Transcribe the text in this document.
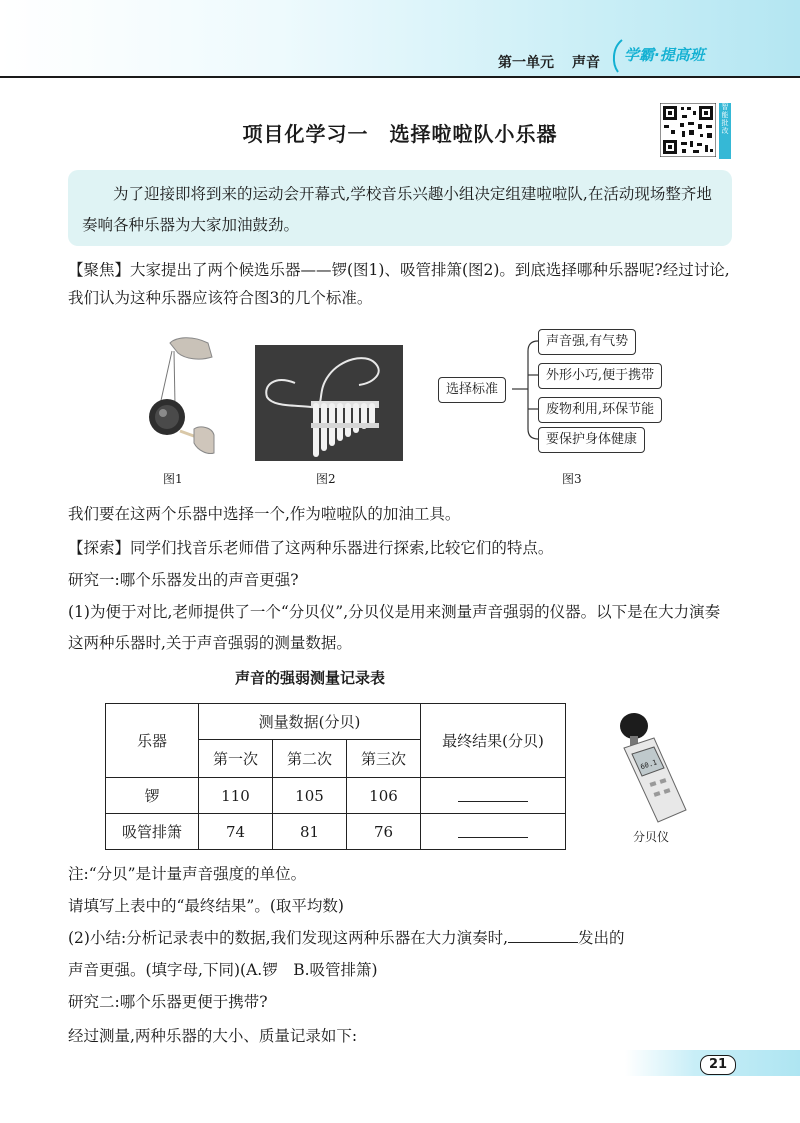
第一单元 声音 学霸·提高班
项目化学习一　选择啦啦队小乐器
智能批改
为了迎接即将到来的运动会开幕式,学校音乐兴趣小组决定组建啦啦队,在活动现场整齐地奏响各种乐器为大家加油鼓劲。
【聚焦】大家提出了两个候选乐器——锣(图1)、吸管排箫(图2)。到底选择哪种乐器呢?经过讨论,我们认为这种乐器应该符合图3的几个标准。
图1	图2
选择标准
声音强,有气势
外形小巧,便于携带
废物利用,环保节能
要保护身体健康
图3
我们要在这两个乐器中选择一个,作为啦啦队的加油工具。
【探索】同学们找音乐老师借了这两种乐器进行探索,比较它们的特点。
研究一:哪个乐器发出的声音更强?
(1)为便于对比,老师提供了一个“分贝仪”,分贝仪是用来测量声音强弱的仪器。以下是在大力演奏这两种乐器时,关于声音强弱的测量数据。
声音的强弱测量记录表
乐器	测量数据(分贝)			最终结果(分贝)
	第一次	第二次	第三次	
锣	110	105	106	
吸管排箫	74	81	76	
60.1
分贝仪
注:“分贝”是计量声音强度的单位。
请填写上表中的“最终结果”。(取平均数)
(2)小结:分析记录表中的数据,我们发现这两种乐器在大力演奏时,	发出的
声音更强。(填字母,下同)(A.锣　B.吸管排箫)
研究二:哪个乐器更便于携带?
经过测量,两种乐器的大小、质量记录如下:
21
